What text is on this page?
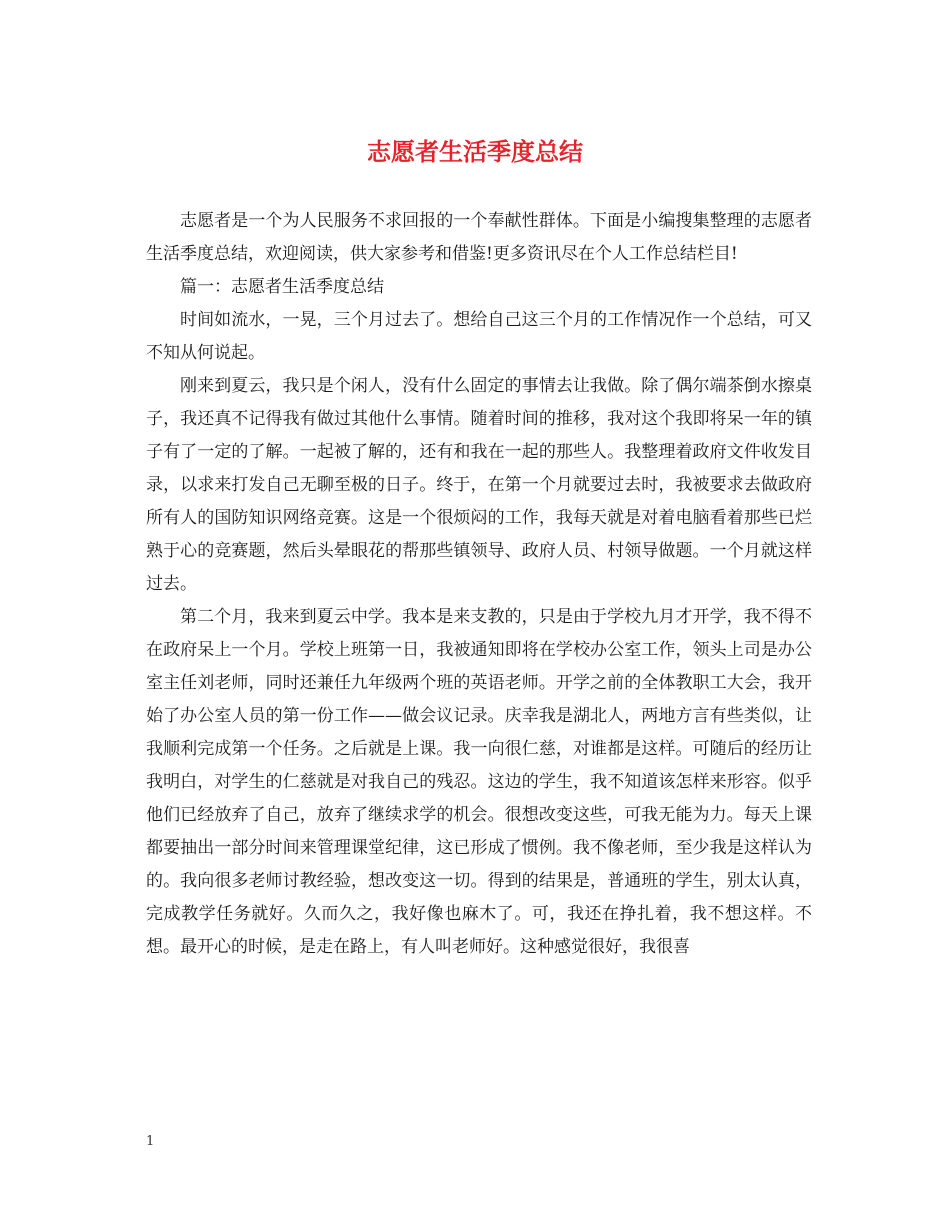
志愿者生活季度总结

志愿者是一个为人民服务不求回报的一个奉献性群体。下面是小编搜集整理的志愿者生活季度总结，欢迎阅读，供大家参考和借鉴!更多资讯尽在个人工作总结栏目!

篇一：志愿者生活季度总结

时间如流水，一晃，三个月过去了。想给自己这三个月的工作情况作一个总结，可又不知从何说起。

刚来到夏云，我只是个闲人，没有什么固定的事情去让我做。除了偶尔端茶倒水擦桌子，我还真不记得我有做过其他什么事情。随着时间的推移，我对这个我即将呆一年的镇子有了一定的了解。一起被了解的，还有和我在一起的那些人。我整理着政府文件收发目录，以求来打发自己无聊至极的日子。终于，在第一个月就要过去时，我被要求去做政府所有人的国防知识网络竞赛。这是一个很烦闷的工作，我每天就是对着电脑看着那些已烂熟于心的竞赛题，然后头晕眼花的帮那些镇领导、政府人员、村领导做题。一个月就这样过去。

第二个月，我来到夏云中学。我本是来支教的，只是由于学校九月才开学，我不得不在政府呆上一个月。学校上班第一日，我被通知即将在学校办公室工作，领头上司是办公室主任刘老师，同时还兼任九年级两个班的英语老师。开学之前的全体教职工大会，我开始了办公室人员的第一份工作——做会议记录。庆幸我是湖北人，两地方言有些类似，让我顺利完成第一个任务。之后就是上课。我一向很仁慈，对谁都是这样。可随后的经历让我明白，对学生的仁慈就是对我自己的残忍。这边的学生，我不知道该怎样来形容。似乎他们已经放弃了自己，放弃了继续求学的机会。很想改变这些，可我无能为力。每天上课都要抽出一部分时间来管理课堂纪律，这已形成了惯例。我不像老师，至少我是这样认为的。我向很多老师讨教经验，想改变这一切。得到的结果是，普通班的学生，别太认真，完成教学任务就好。久而久之，我好像也麻木了。可，我还在挣扎着，我不想这样。不想。最开心的时候，是走在路上，有人叫老师好。这种感觉很好，我很喜

1
